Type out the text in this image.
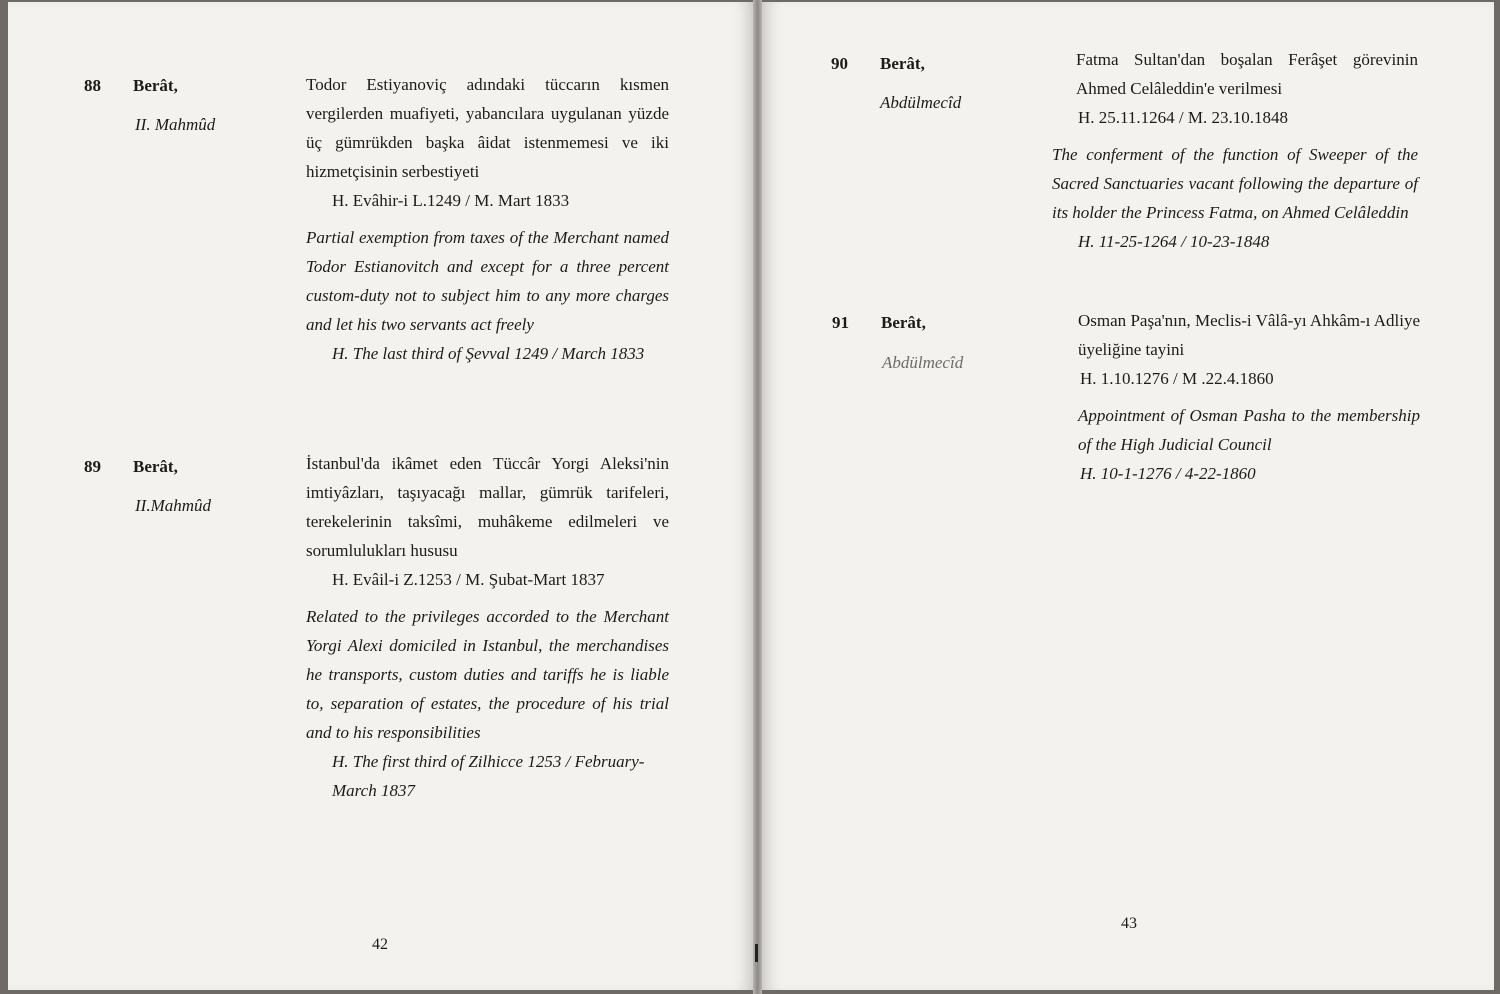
88 Berât,
II. Mahmûd

Todor Estiyanoviç adındaki tüccarın kısmen vergilerden muafiyeti, yabancılara uygulanan yüzde üç gümrükden başka âidat istenmemesi ve iki hizmetçisinin serbestiyeti

H. Evâhir-i L.1249 / M. Mart 1833

Partial exemption from taxes of the Merchant named Todor Estianovitch and except for a three percent custom-duty not to subject him to any more charges and let his two servants act freely

H. The last third of Şevval 1249 / March 1833

89 Berât,
II.Mahmûd

İstanbul'da ikâmet eden Tüccâr Yorgi Aleksi'nin imtiyâzları, taşıyacağı mallar, gümrük tarifeleri, terekelerinin taksîmi, muhâkeme edilmeleri ve sorumlulukları hususu

H. Evâil-i Z.1253 / M. Şubat-Mart 1837

Related to the privileges accorded to the Merchant Yorgi Alexi domiciled in Istanbul, the merchandises he transports, custom duties and tariffs he is liable to, separation of estates, the procedure of his trial and to his responsibilities

H. The first third of Zilhicce 1253 / February-March 1837

42
90 Berât,
Abdülmecîd

Fatma Sultan'dan boşalan Ferâşet görevinin Ahmed Celâleddin'e verilmesi

H. 25.11.1264 / M. 23.10.1848

The conferment of the function of Sweeper of the Sacred Sanctuaries vacant following the departure of its holder the Princess Fatma, on Ahmed Celâleddin

H. 11-25-1264 / 10-23-1848

91 Berât,
Abdülmecîd

Osman Paşa'nın, Meclis-i Vâlâ-yı Ahkâm-ı Adliye üyeliğine tayini

H. 1.10.1276 / M .22.4.1860

Appointment of Osman Pasha to the membership of the High Judicial Council

H. 10-1-1276 / 4-22-1860

43
